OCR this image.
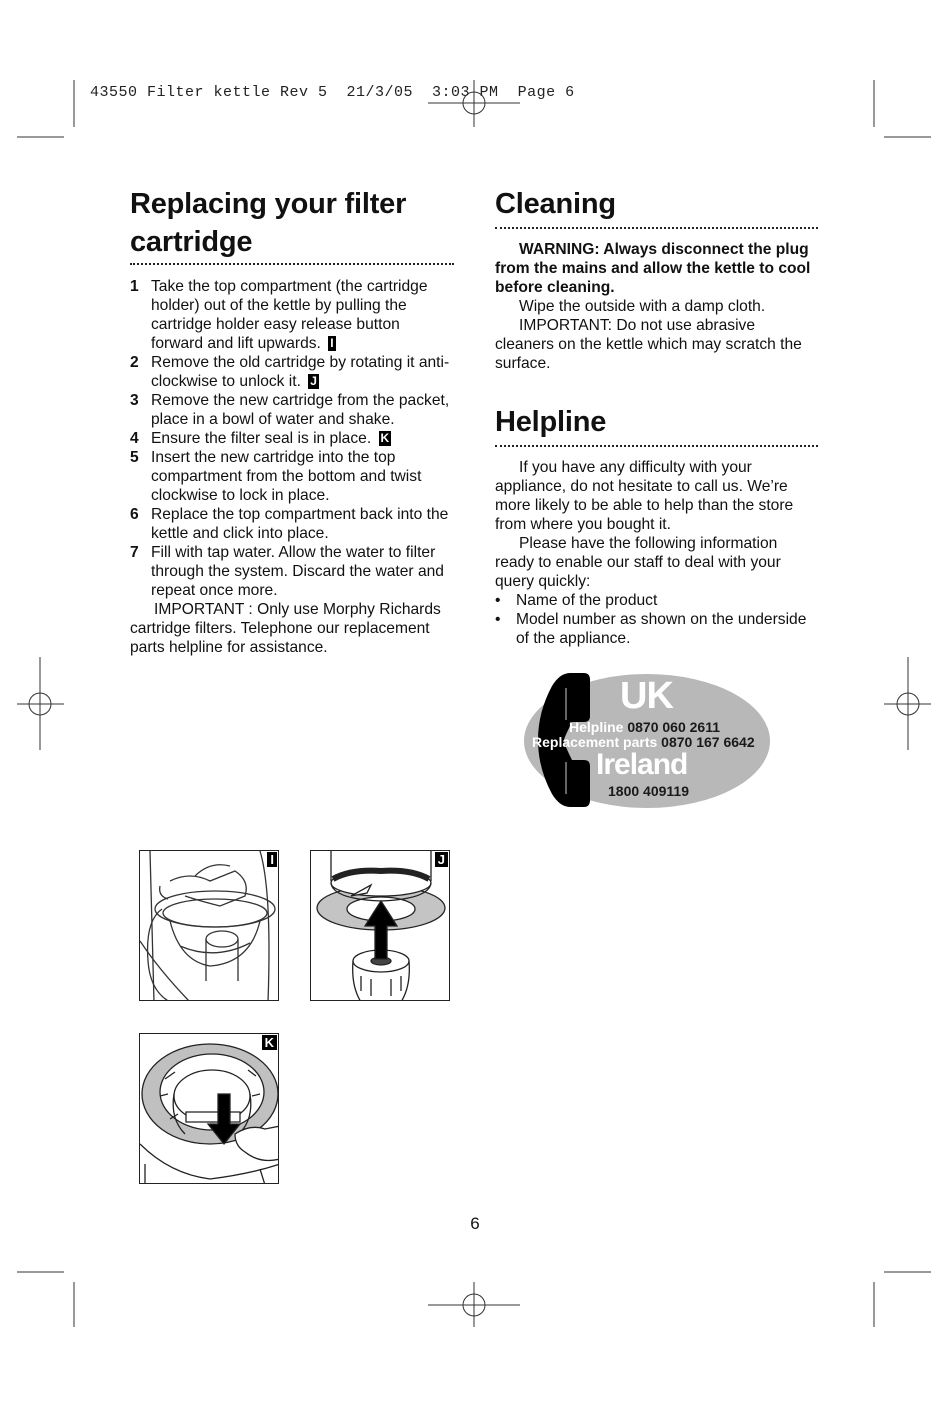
43550 Filter kettle Rev 5  21/3/05  3:03 PM  Page 6
Replacing your filter
cartridge
1 Take the top compartment (the cartridge holder) out of the kettle by pulling the cartridge holder easy release button forward and lift upwards. I
2 Remove the old cartridge by rotating it anti-clockwise to unlock it. J
3 Remove the new cartridge from the packet, place in a bowl of water and shake.
4 Ensure the filter seal is in place. K
5 Insert the new cartridge into the top compartment from the bottom and twist clockwise to lock in place.
6 Replace the top compartment back into the kettle and click into place.
7 Fill with tap water. Allow the water to filter through the system. Discard the water and repeat once more.

IMPORTANT : Only use Morphy Richards cartridge filters. Telephone our replacement parts helpline for assistance.

Cleaning

WARNING: Always disconnect the plug from the mains and allow the kettle to cool before cleaning.

Wipe the outside with a damp cloth.

IMPORTANT: Do not use abrasive cleaners on the kettle which may scratch the surface.

Helpline

If you have any difficulty with your appliance, do not hesitate to call us. We’re more likely to be able to help than the store from where you bought it.

Please have the following information ready to enable our staff to deal with your query quickly:

• Name of the product
• Model number as shown on the underside of the appliance.
UK
Helpline 0870 060 2611
Replacement parts 0870 167 6642
Ireland
1800 409119
I	J
K
6
